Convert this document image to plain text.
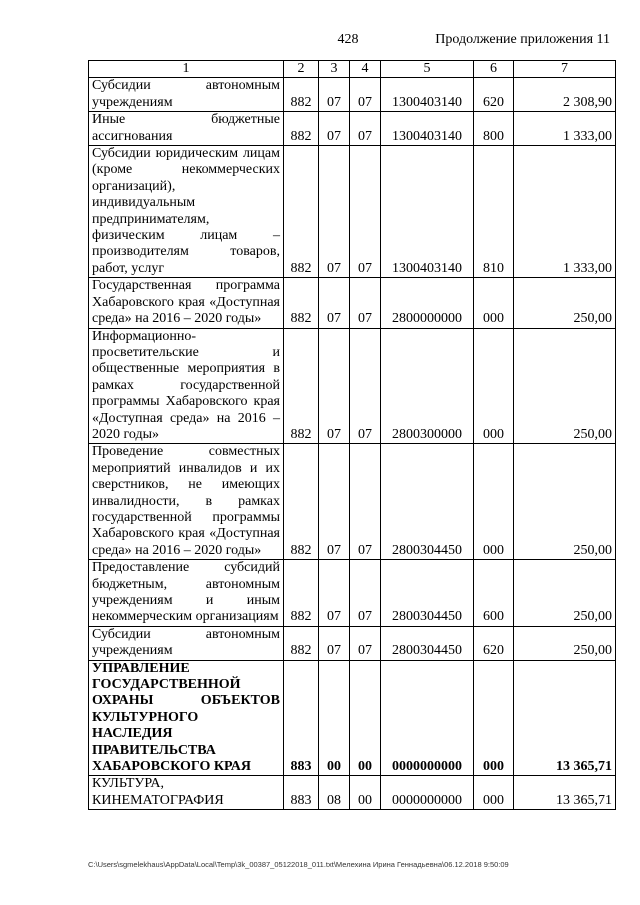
428	Продолжение приложения 11
1	2	3	4	5	6	7
Субсидии автономным учреждениям	882	07	07	1300403140	620	2 308,90
Иные бюджетные ассигнования	882	07	07	1300403140	800	1 333,00
Субсидии юридическим лицам (кроме некоммерческих организаций), индивидуальным предпринимателям, физическим лицам – производителям товаров, работ, услуг	882	07	07	1300403140	810	1 333,00
Государственная программа Хабаровского края «Доступная среда» на 2016 – 2020 годы»	882	07	07	2800000000	000	250,00
Информационно-просветительские и общественные мероприятия в рамках государственной программы Хабаровского края «Доступная среда» на 2016 – 2020 годы»	882	07	07	2800300000	000	250,00
Проведение совместных мероприятий инвалидов и их сверстников, не имеющих инвалидности, в рамках государственной программы Хабаровского края «Доступная среда» на 2016 – 2020 годы»	882	07	07	2800304450	000	250,00
Предоставление субсидий бюджетным, автономным учреждениям и иным некоммерческим организациям	882	07	07	2800304450	600	250,00
Субсидии автономным учреждениям	882	07	07	2800304450	620	250,00
УПРАВЛЕНИЕ ГОСУДАРСТВЕННОЙ ОХРАНЫ ОБЪЕКТОВ КУЛЬТУРНОГО НАСЛЕДИЯ ПРАВИТЕЛЬСТВА ХАБАРОВСКОГО КРАЯ	883	00	00	0000000000	000	13 365,71
КУЛЬТУРА, КИНЕМАТОГРАФИЯ	883	08	00	0000000000	000	13 365,71
C:\Users\sgmelekhaus\AppData\Local\Temp\3k_00387_05122018_011.txt\Мелехина Ирина Геннадьевна\06.12.2018 9:50:09
